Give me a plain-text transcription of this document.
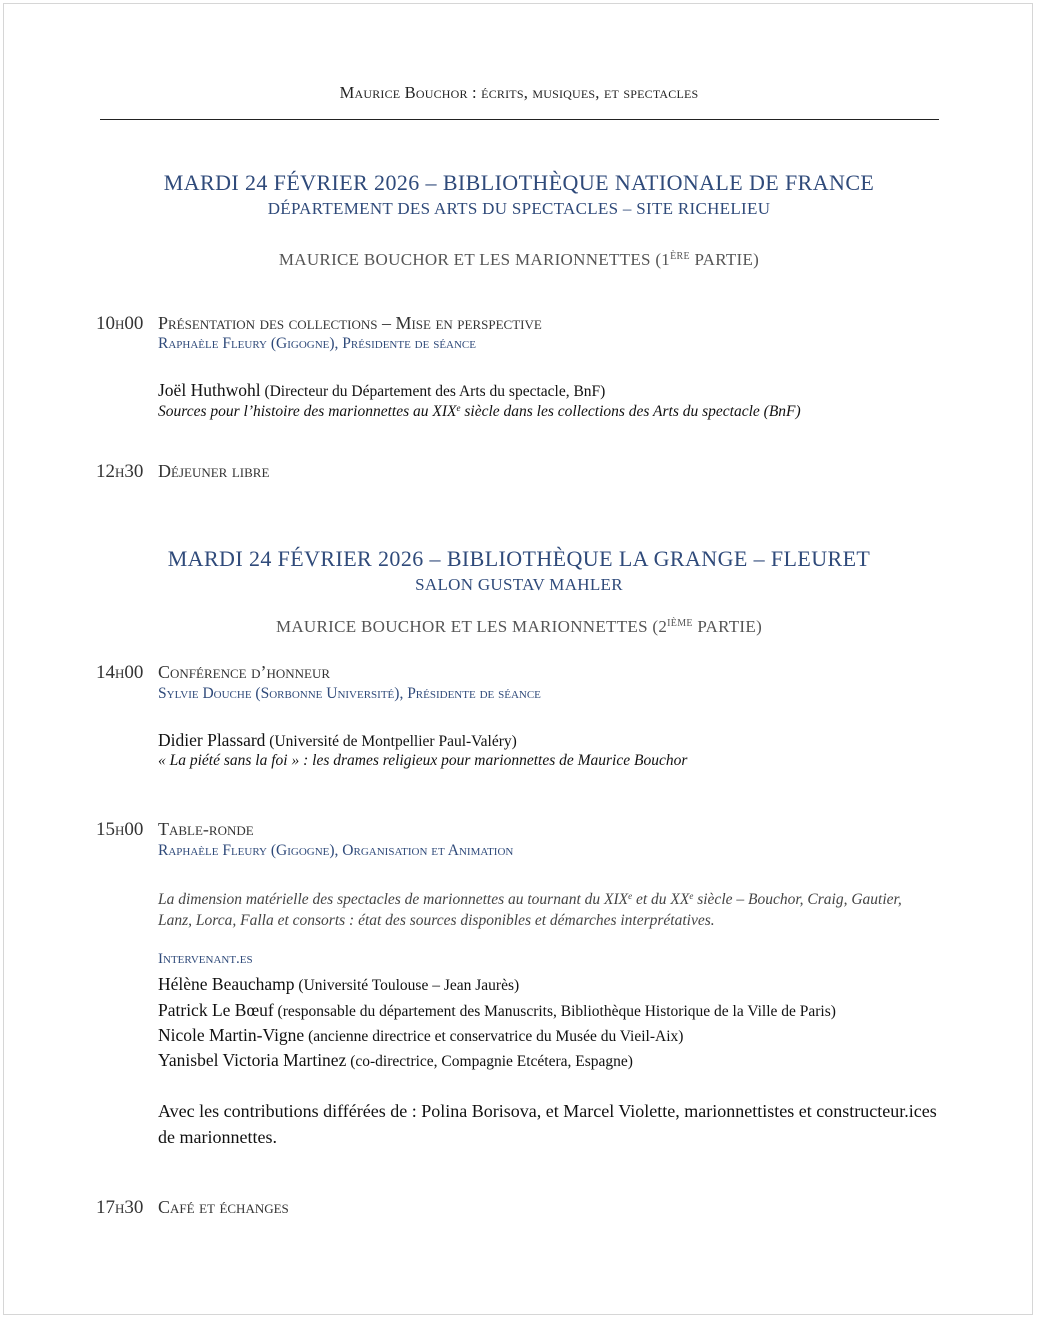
Maurice Bouchor : écrits, musiques, et spectacles
MARDI 24 FÉVRIER 2026 – BIBLIOTHÈQUE NATIONALE DE FRANCE
DÉPARTEMENT DES ARTS DU SPECTACLES – SITE RICHELIEU
MAURICE BOUCHOR ET LES MARIONNETTES (1ÈRE PARTIE)
10h00 Présentation des collections – Mise en perspective
Raphaèle Fleury (Gigogne), Présidente de séance
Joël Huthwohl (Directeur du Département des Arts du spectacle, BnF)
Sources pour l’histoire des marionnettes au XIXe siècle dans les collections des Arts du spectacle (BnF)
12h30 Déjeuner libre
MARDI 24 FÉVRIER 2026 – BIBLIOTHÈQUE LA GRANGE – FLEURET
SALON GUSTAV MAHLER
MAURICE BOUCHOR ET LES MARIONNETTES (2IÈME PARTIE)
14h00 Conférence d’honneur
Sylvie Douche (Sorbonne Université), Présidente de séance
Didier Plassard (Université de Montpellier Paul-Valéry)
« La piété sans la foi » : les drames religieux pour marionnettes de Maurice Bouchor
15h00 Table-ronde
Raphaèle Fleury (Gigogne), Organisation et Animation
La dimension matérielle des spectacles de marionnettes au tournant du XIXe et du XXe siècle – Bouchor, Craig, Gautier, Lanz, Lorca, Falla et consorts : état des sources disponibles et démarches interprétatives.
Intervenant.es
Hélène Beauchamp (Université Toulouse – Jean Jaurès)
Patrick Le Bœuf (responsable du département des Manuscrits, Bibliothèque Historique de la Ville de Paris)
Nicole Martin-Vigne (ancienne directrice et conservatrice du Musée du Vieil-Aix)
Yanisbel Victoria Martinez (co-directrice, Compagnie Etcétera, Espagne)
Avec les contributions différées de : Polina Borisova, et Marcel Violette, marionnettistes et constructeur.ices de marionnettes.
17h30 Café et échanges
